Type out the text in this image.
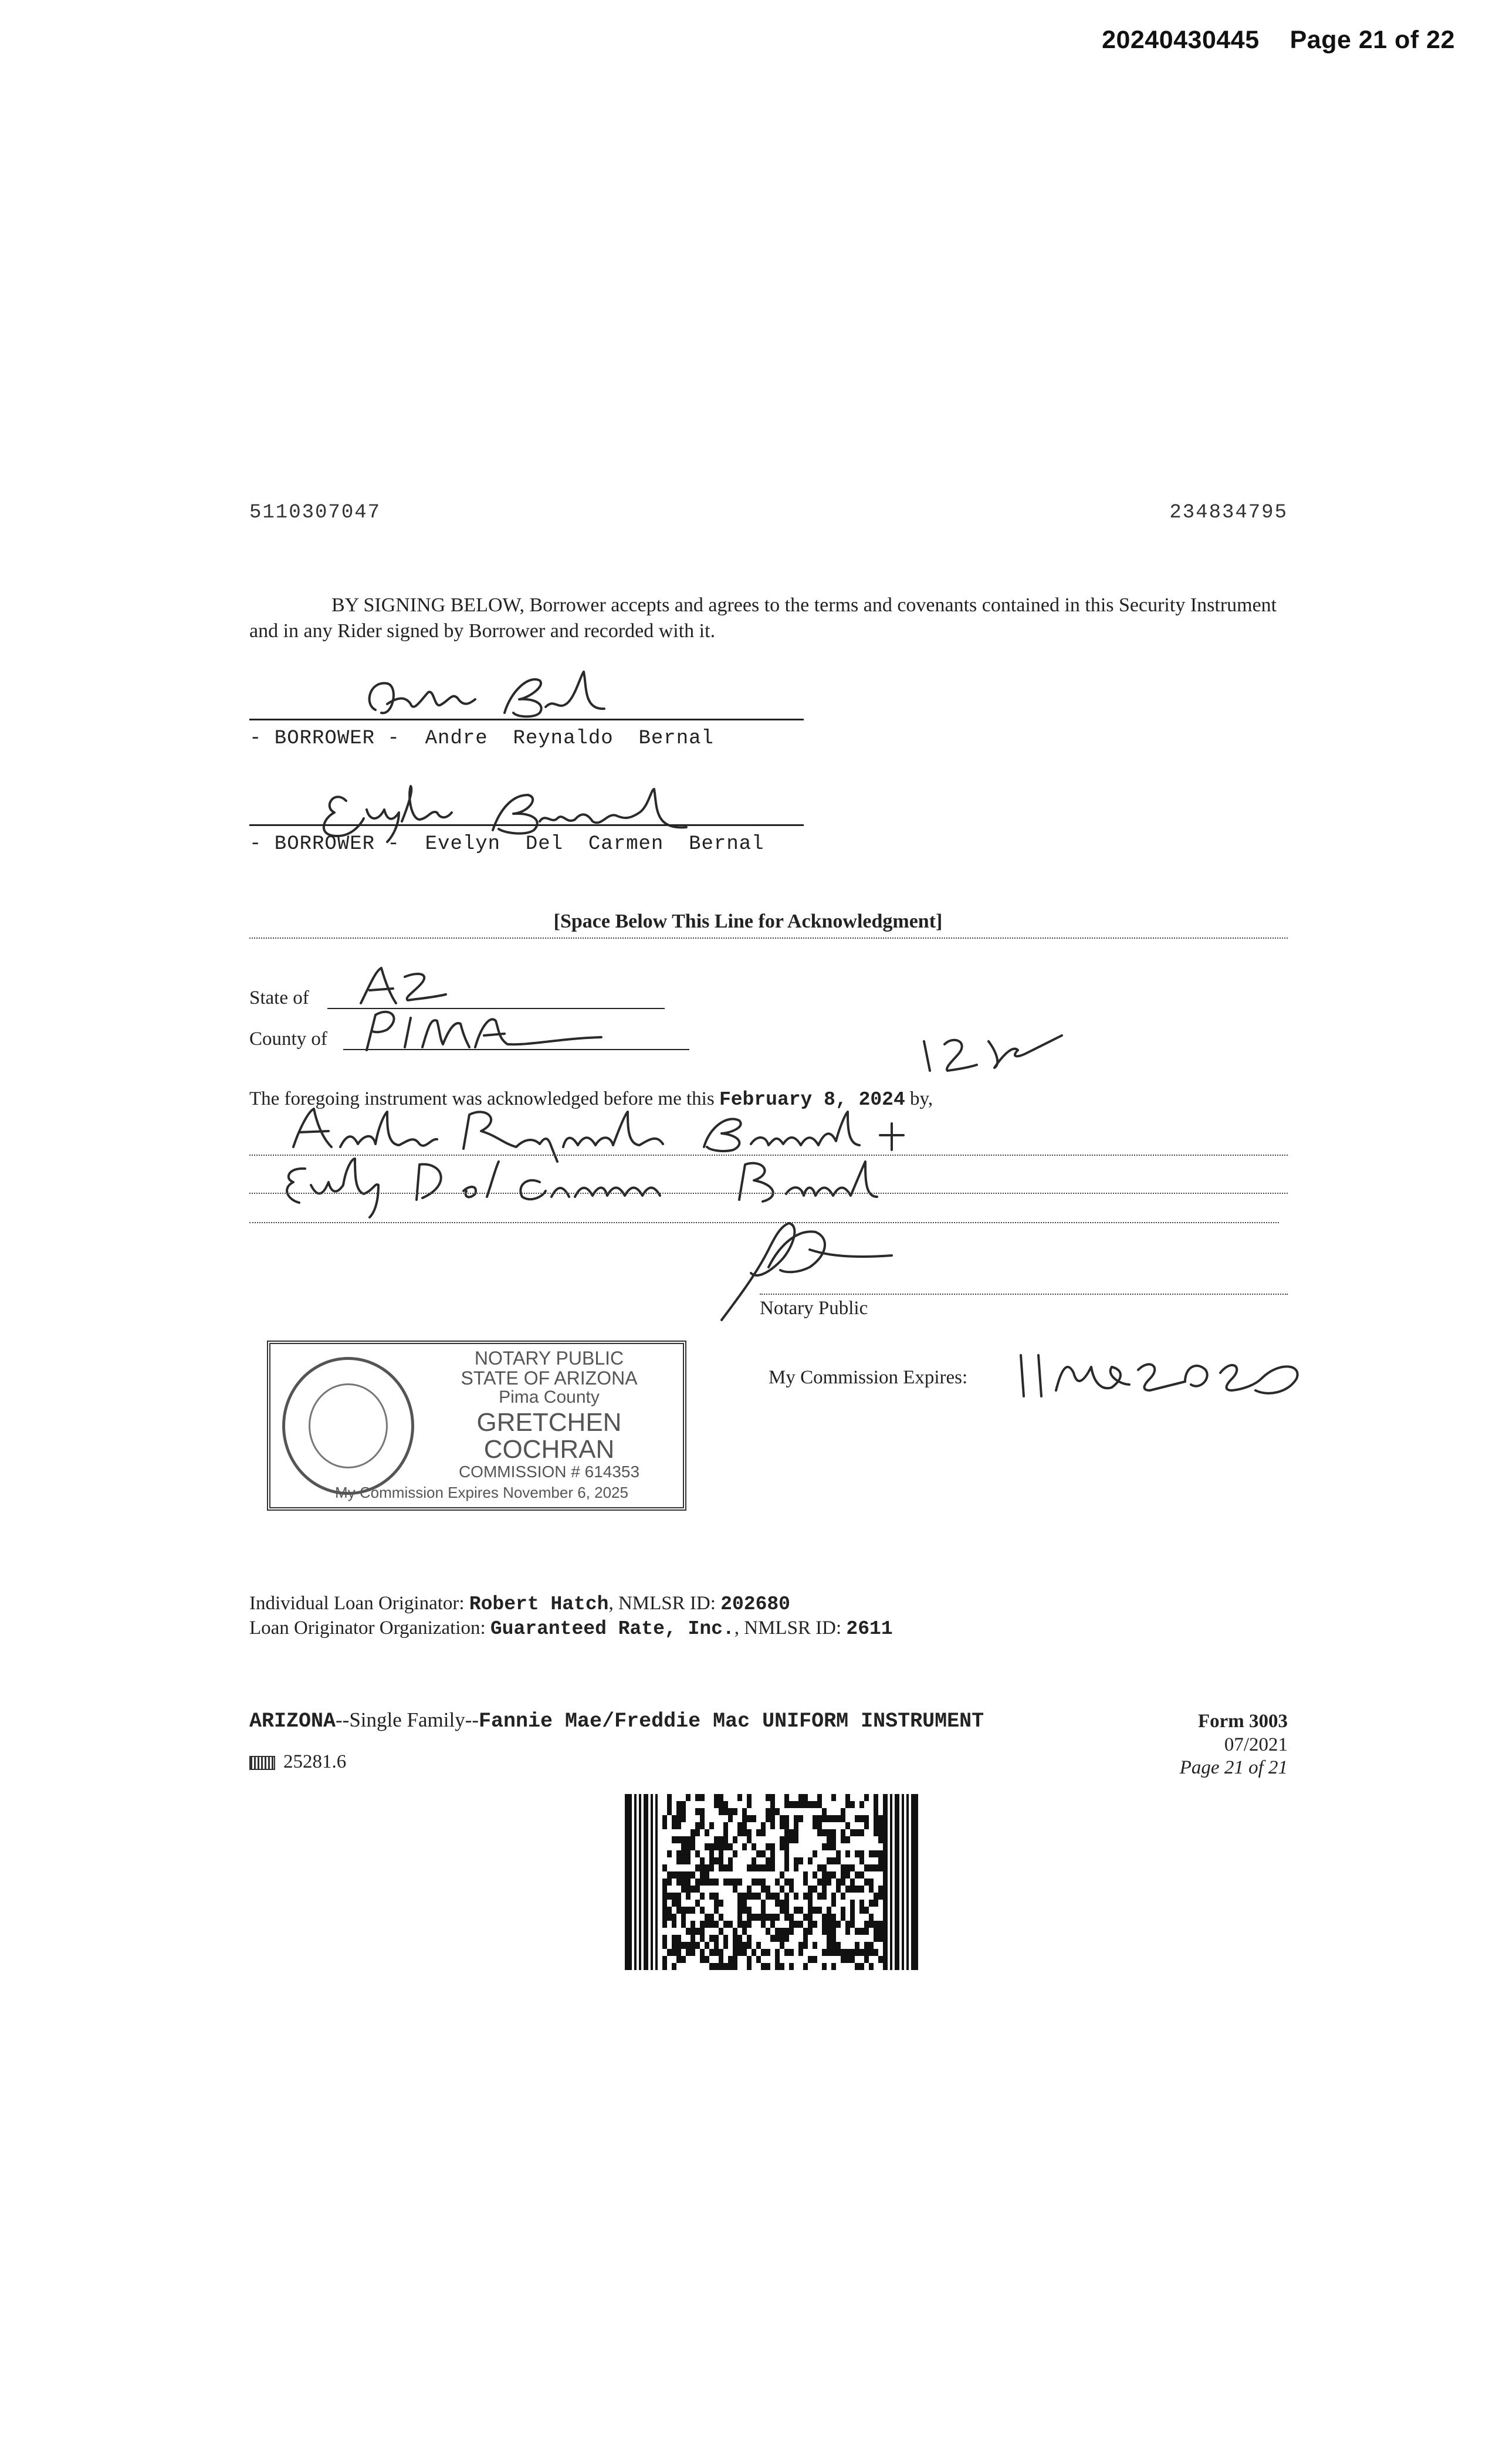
20240430445 Page 21 of 22
5110307047	234834795
BY SIGNING BELOW, Borrower accepts and agrees to the terms and covenants contained in this Security Instrument and in any Rider signed by Borrower and recorded with it.
- BORROWER -  Andre  Reynaldo  Bernal
- BORROWER -  Evelyn  Del  Carmen  Bernal
[Space Below This Line for Acknowledgment]
State of
County of
The foregoing instrument was acknowledged before me this February 8, 2024 by,
Notary Public
NOTARY PUBLIC
STATE OF ARIZONA
Pima County
GRETCHEN COCHRAN
COMMISSION # 614353
My Commission Expires November 6, 2025
My Commission Expires:
Individual Loan Originator: Robert Hatch, NMLSR ID: 202680
Loan Originator Organization: Guaranteed Rate, Inc., NMLSR ID: 2611
ARIZONA--Single Family--Fannie Mae/Freddie Mac UNIFORM INSTRUMENT
25281.6
Form 3003
07/2021
Page 21 of 21
